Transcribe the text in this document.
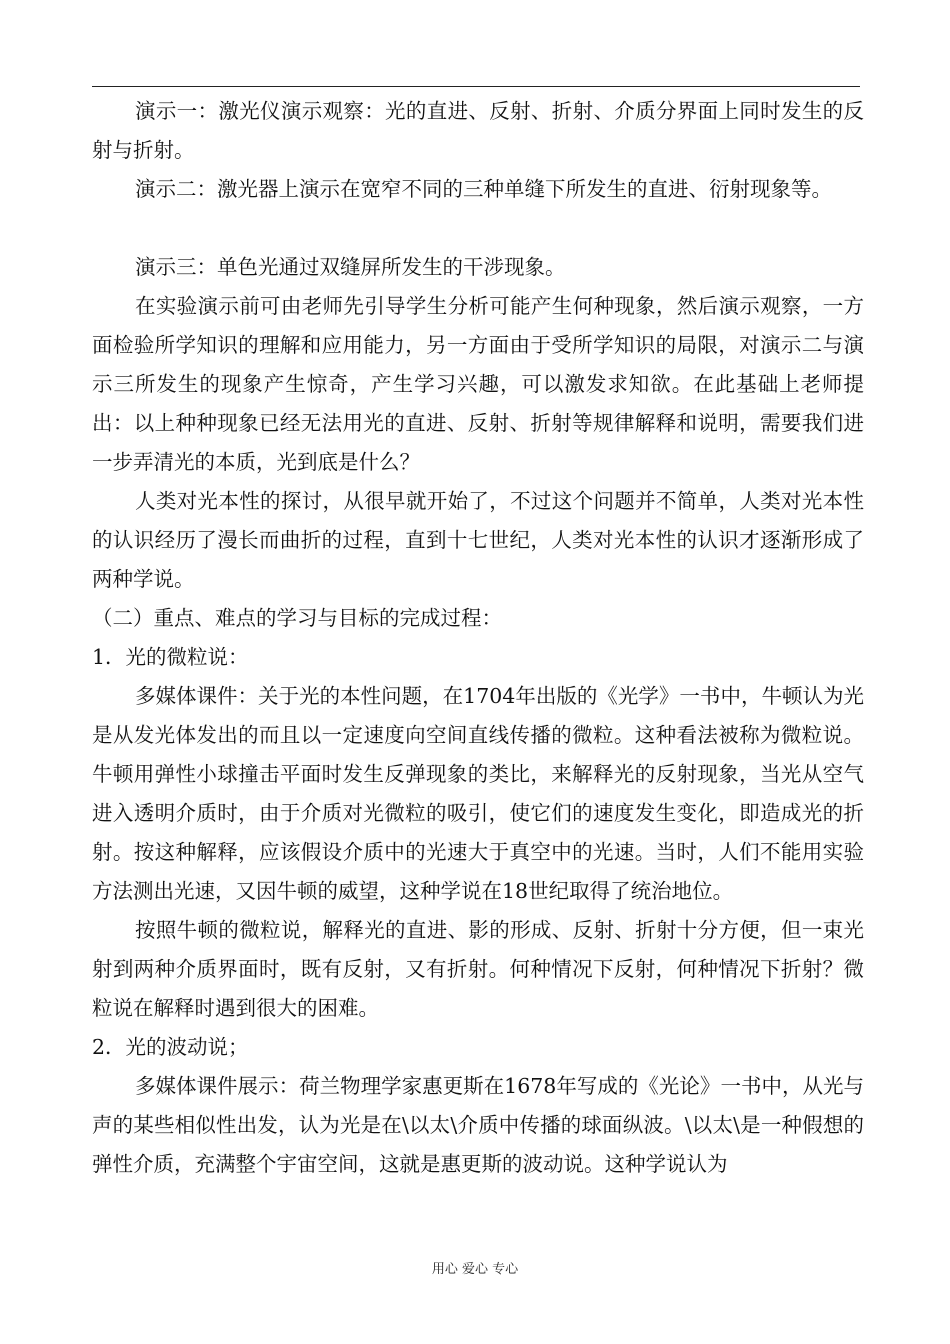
演示一：激光仪演示观察：光的直进、反射、折射、介质分界面上同时发生的反射与折射。

演示二：激光器上演示在宽窄不同的三种单缝下所发生的直进、衍射现象等。

演示三：单色光通过双缝屏所发生的干涉现象。

在实验演示前可由老师先引导学生分析可能产生何种现象，然后演示观察，一方面检验所学知识的理解和应用能力，另一方面由于受所学知识的局限，对演示二与演示三所发生的现象产生惊奇，产生学习兴趣，可以激发求知欲。在此基础上老师提出：以上种种现象已经无法用光的直进、反射、折射等规律解释和说明，需要我们进一步弄清光的本质，光到底是什么？

人类对光本性的探讨，从很早就开始了，不过这个问题并不简单，人类对光本性的认识经历了漫长而曲折的过程，直到十七世纪，人类对光本性的认识才逐渐形成了两种学说。

（二）重点、难点的学习与目标的完成过程：

1．光的微粒说：

多媒体课件：关于光的本性问题，在1704年出版的《光学》一书中，牛顿认为光是从发光体发出的而且以一定速度向空间直线传播的微粒。这种看法被称为微粒说。牛顿用弹性小球撞击平面时发生反弹现象的类比，来解释光的反射现象，当光从空气进入透明介质时，由于介质对光微粒的吸引，使它们的速度发生变化，即造成光的折射。按这种解释，应该假设介质中的光速大于真空中的光速。当时，人们不能用实验方法测出光速，又因牛顿的威望，这种学说在18世纪取得了统治地位。

按照牛顿的微粒说，解释光的直进、影的形成、反射、折射十分方便，但一束光射到两种介质界面时，既有反射，又有折射。何种情况下反射，何种情况下折射？微粒说在解释时遇到很大的困难。

2．光的波动说；

多媒体课件展示：荷兰物理学家惠更斯在1678年写成的《光论》一书中，从光与声的某些相似性出发，认为光是在\以太\介质中传播的球面纵波。\以太\是一种假想的弹性介质，充满整个宇宙空间，这就是惠更斯的波动说。这种学说认为

用心 爱心 专心
